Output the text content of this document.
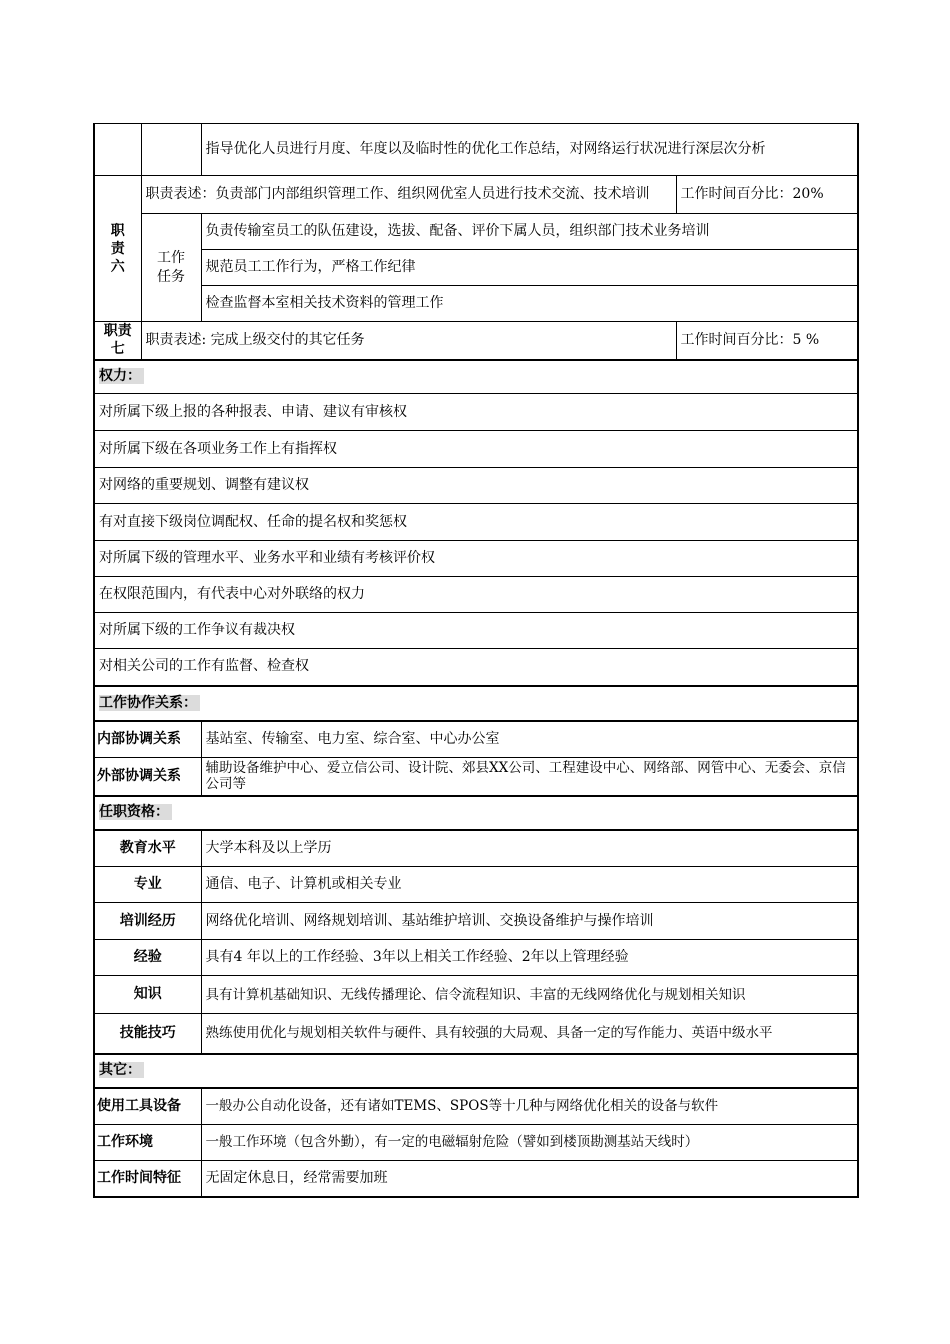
		指导优化人员进行月度、年度以及临时性的优化工作总结，对网络运行状况进行深层次分析	

职责六	职责表述：负责部门内部组织管理工作、组织网优室人员进行技术交流、技术培训		工作时间百分比：20%

	工作任务	负责传输室员工的队伍建设，选拔、配备、评价下属人员，组织部门技术业务培训	
		规范员工工作行为，严格工作纪律	
		检查监督本室相关技术资料的管理工作	

职责七	职责表述: 完成上级交付的其它任务		工作时间百分比：5 %
权力：			
对所属下级上报的各种报表、申请、建议有审核权			
对所属下级在各项业务工作上有指挥权			
对网络的重要规划、调整有建议权			
有对直接下级岗位调配权、任命的提名权和奖惩权			
对所属下级的管理水平、业务水平和业绩有考核评价权			
在权限范围内，有代表中心对外联络的权力			
对所属下级的工作争议有裁决权			
对相关公司的工作有监督、检查权			
工作协作关系：			
内部协调关系		基站室、传输室、电力室、综合室、中心办公室	
外部协调关系		辅助设备维护中心、爱立信公司、设计院、郊县XX公司、工程建设中心、网络部、网管中心、无委会、京信公司等	
任职资格：			
教育水平		大学本科及以上学历	
专业		通信、电子、计算机或相关专业	
培训经历		网络优化培训、网络规划培训、基站维护培训、交换设备维护与操作培训	
经验		具有4 年以上的工作经验、3年以上相关工作经验、2年以上管理经验	
知识		具有计算机基础知识、无线传播理论、信令流程知识、丰富的无线网络优化与规划相关知识	
技能技巧		熟练使用优化与规划相关软件与硬件、具有较强的大局观、具备一定的写作能力、英语中级水平	
其它：			
使用工具设备		一般办公自动化设备，还有诸如TEMS、SPOS等十几种与网络优化相关的设备与软件	
工作环境		一般工作环境（包含外勤），有一定的电磁辐射危险（譬如到楼顶勘测基站天线时）	
工作时间特征		无固定休息日，经常需要加班	
